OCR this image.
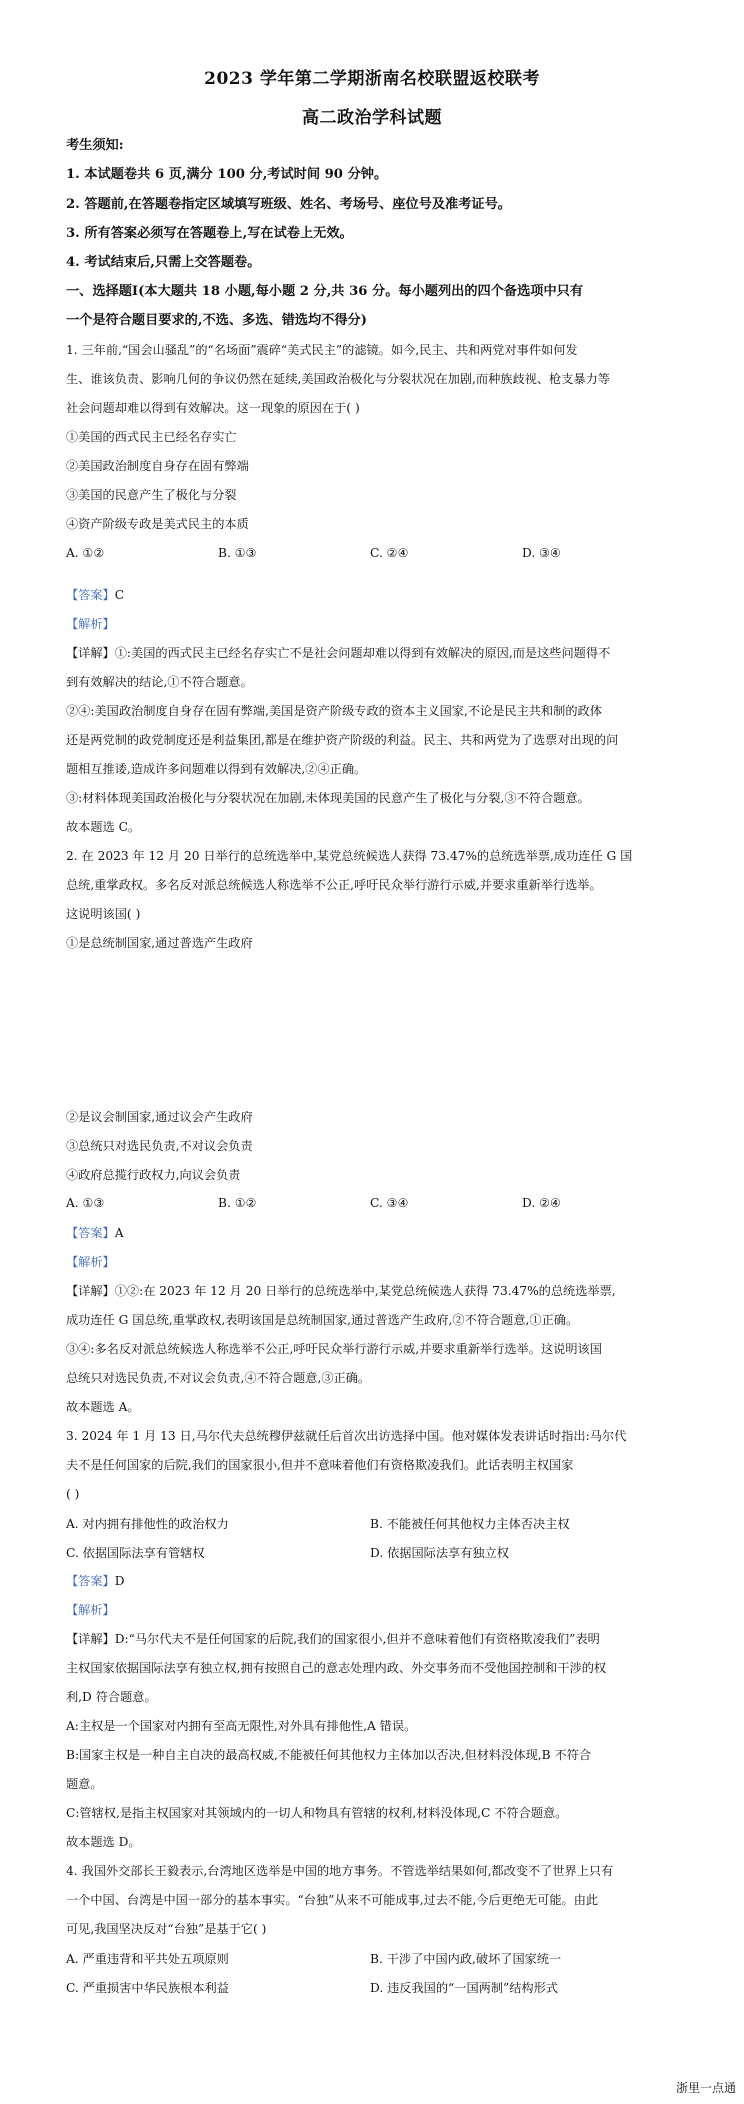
2023 学年第二学期浙南名校联盟返校联考
高二政治学科试题
考生须知:
1. 本试题卷共 6 页,满分 100 分,考试时间 90 分钟。
2. 答题前,在答题卷指定区域填写班级、姓名、考场号、座位号及准考证号。
3. 所有答案必须写在答题卷上,写在试卷上无效。
4. 考试结束后,只需上交答题卷。
一、选择题Ⅰ(本大题共 18 小题,每小题 2 分,共 36 分。每小题列出的四个备选项中只有
一个是符合题目要求的,不选、多选、错选均不得分)
1. 三年前,“国会山骚乱”的“名场面”震碎“美式民主”的滤镜。如今,民主、共和两党对事件如何发
生、谁该负责、影响几何的争议仍然在延续,美国政治极化与分裂状况在加剧,而种族歧视、枪支暴力等
社会问题却难以得到有效解决。这一现象的原因在于( )
①美国的西式民主已经名存实亡
②美国政治制度自身存在固有弊端
③美国的民意产生了极化与分裂
④资产阶级专政是美式民主的本质
A. ①②	B. ①③	C. ②④	D. ③④
【答案】C
【解析】
【详解】①:美国的西式民主已经名存实亡不是社会问题却难以得到有效解决的原因,而是这些问题得不
到有效解决的结论,①不符合题意。
②④:美国政治制度自身存在固有弊端,美国是资产阶级专政的资本主义国家,不论是民主共和制的政体
还是两党制的政党制度还是利益集团,都是在维护资产阶级的利益。民主、共和两党为了选票对出现的问
题相互推诿,造成许多问题难以得到有效解决,②④正确。
③:材料体现美国政治极化与分裂状况在加剧,未体现美国的民意产生了极化与分裂,③不符合题意。
故本题选 C。
2. 在 2023 年 12 月 20 日举行的总统选举中,某党总统候选人获得 73.47%的总统选举票,成功连任 G 国
总统,重掌政权。多名反对派总统候选人称选举不公正,呼吁民众举行游行示威,并要求重新举行选举。
这说明该国( )
①是总统制国家,通过普选产生政府
②是议会制国家,通过议会产生政府
③总统只对选民负责,不对议会负责
④政府总揽行政权力,向议会负责
A. ①③	B. ①②	C. ③④	D. ②④
【答案】A
【解析】
【详解】①②:在 2023 年 12 月 20 日举行的总统选举中,某党总统候选人获得 73.47%的总统选举票,
成功连任 G 国总统,重掌政权,表明该国是总统制国家,通过普选产生政府,②不符合题意,①正确。
③④:多名反对派总统候选人称选举不公正,呼吁民众举行游行示威,并要求重新举行选举。这说明该国
总统只对选民负责,不对议会负责,④不符合题意,③正确。
故本题选 A。
3. 2024 年 1 月 13 日,马尔代夫总统穆伊兹就任后首次出访选择中国。他对媒体发表讲话时指出:马尔代
夫不是任何国家的后院,我们的国家很小,但并不意味着他们有资格欺凌我们。此话表明主权国家
( )
A. 对内拥有排他性的政治权力	B. 不能被任何其他权力主体否决主权
C. 依据国际法享有管辖权	D. 依据国际法享有独立权
【答案】D
【解析】
【详解】D:“马尔代夫不是任何国家的后院,我们的国家很小,但并不意味着他们有资格欺凌我们”表明
主权国家依据国际法享有独立权,拥有按照自己的意志处理内政、外交事务而不受他国控制和干涉的权
利,D 符合题意。
A:主权是一个国家对内拥有至高无限性,对外具有排他性,A 错误。
B:国家主权是一种自主自决的最高权威,不能被任何其他权力主体加以否决,但材料没体现,B 不符合
题意。
C:管辖权,是指主权国家对其领域内的一切人和物具有管辖的权利,材料没体现,C 不符合题意。
故本题选 D。
4. 我国外交部长王毅表示,台湾地区选举是中国的地方事务。不管选举结果如何,都改变不了世界上只有
一个中国、台湾是中国一部分的基本事实。“台独”从来不可能成事,过去不能,今后更绝无可能。由此
可见,我国坚决反对“台独”是基于它( )
A. 严重违背和平共处五项原则	B. 干涉了中国内政,破坏了国家统一
C. 严重损害中华民族根本利益	D. 违反我国的“一国两制”结构形式
浙里一点通
